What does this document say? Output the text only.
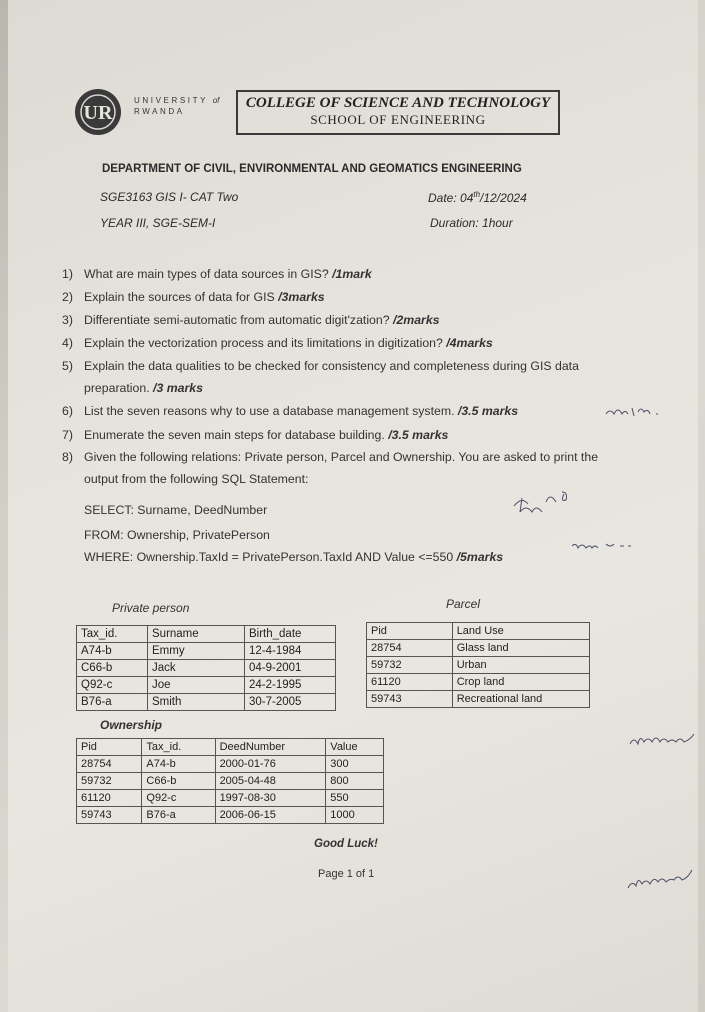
UR
UNIVERSITY of
RWANDA
COLLEGE OF SCIENCE AND TECHNOLOGY
SCHOOL OF ENGINEERING
DEPARTMENT OF CIVIL, ENVIRONMENTAL AND GEOMATICS ENGINEERING
SGE3163 GIS I- CAT Two	Date: 04th/12/2024
YEAR III, SGE-SEM-I	Duration: 1hour
1) What are main types of data sources in GIS? /1mark
2) Explain the sources of data for GIS /3marks
3) Differentiate semi-automatic from automatic digit'zation? /2marks
4) Explain the vectorization process and its limitations in digitization? /4marks
5) Explain the data qualities to be checked for consistency and completeness during GIS data
preparation. /3 marks
6) List the seven reasons why to use a database management system. /3.5 marks
7) Enumerate the seven main steps for database building. /3.5 marks
8) Given the following relations: Private person, Parcel and Ownership. You are asked to print the
output from the following SQL Statement:
SELECT: Surname, DeedNumber
FROM: Ownership, PrivatePerson
WHERE: Ownership.TaxId = PrivatePerson.TaxId AND Value <=550 /5marks
Private person	Parcel
Ownership
Tax_id.	Surname	Birth_date
A74-b	Emmy	12-4-1984
C66-b	Jack	04-9-2001
Q92-c	Joe	24-2-1995
B76-a	Smith	30-7-2005
Pid	Land Use
28754	Glass land
59732	Urban
61120	Crop land
59743	Recreational land
Pid	Tax_id.	DeedNumber	Value
28754	A74-b	2000-01-76	300
59732	C66-b	2005-04-48	800
61120	Q92-c	1997-08-30	550
59743	B76-a	2006-06-15	1000
Good Luck!
Page 1 of 1
